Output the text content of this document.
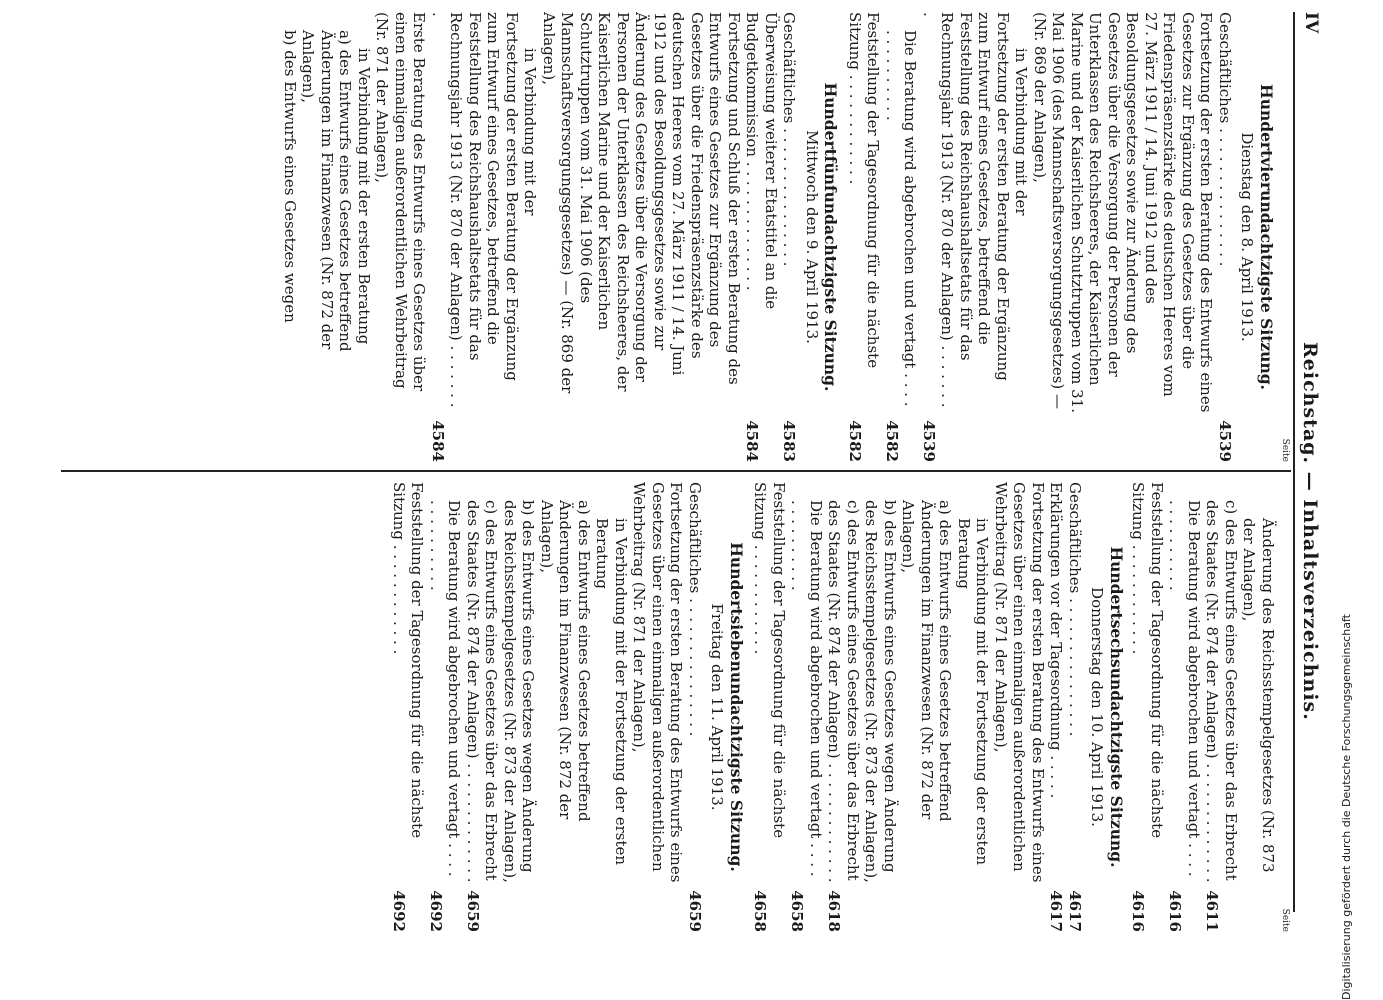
IV
Reichstag. — Inhaltsverzeichnis.
Seite
Hundertvierundachtzigste Sitzung.
Dienstag den 8. April 1913.
Geschäftliches . . . . . . . . . . . . . . .
4539
Fortsetzung der ersten Beratung des Entwurfs eines Gesetzes zur Ergänzung des Gesetzes über die Friedenspräsenzstärke des deutschen Heeres vom 27. März 1911 / 14. Juni 1912 und des Besoldungsgesetzes sowie zur Änderung des Gesetzes über die Versorgung der Personen der Unterklassen des Reichsheeres, der Kaiserlichen Marine und der Kaiserlichen Schutztruppen vom 31. Mai 1906 (des Mannschaftsversorgungsgesetzes) — (Nr. 869 der Anlagen),
in Verbindung mit der
Fortsetzung der ersten Beratung der Ergänzung zum Entwurf eines Gesetzes, betreffend die Feststellung des Reichshaushaltsetats für das Rechnungsjahr 1913 (Nr. 870 der Anlagen) . . . . . . . .
4539
Die Beratung wird abgebrochen und vertagt . . . . . . . . . . . . . .
4582
Feststellung der Tagesordnung für die nächste Sitzung . . . . . . . . . . . .
4582
Hundertfünfundachtzigste Sitzung.
Mittwoch den 9. April 1913.
Geschäftliches . . . . . . . . . . . . . . .
4583
Überweisung weiterer Etatstitel an die Budgetkommission . . . . . . . . . . . . . .
4584
Fortsetzung und Schluß der ersten Beratung des Entwurfs eines Gesetzes zur Ergänzung des Gesetzes über die Friedenspräsenzstärke des deutschen Heeres vom 27. März 1911 / 14. Juni 1912 und des Besoldungsgesetzes sowie zur Änderung des Gesetzes über die Versorgung der Personen der Unterklassen des Reichsheeres, der Kaiserlichen Marine und der Kaiserlichen Schutztruppen vom 31. Mai 1906 (des Mannschaftsversorgungsgesetzes) — (Nr. 869 der Anlagen),
in Verbindung mit der
Fortsetzung der ersten Beratung der Ergänzung zum Entwurf eines Gesetzes, betreffend die Feststellung des Reichshaushaltsetats für das Rechnungsjahr 1913 (Nr. 870 der Anlagen) . . . . . . . .
4584
Erste Beratung des Entwurfs eines Gesetzes über einen einmaligen außerordentlichen Wehrbeitrag (Nr. 871 der Anlagen),
in Verbindung mit der ersten Beratung
a) des Entwurfs eines Gesetzes betreffend Änderungen im Finanzwesen (Nr. 872 der Anlagen),
b) des Entwurfs eines Gesetzes wegen
Seite
Änderung des Reichsstempelgesetzes (Nr. 873 der Anlagen),
c) des Entwurfs eines Gesetzes über das Erbrecht des Staates (Nr. 874 der Anlagen) . . . . . . . . . . . . .
4611
Die Beratung wird abgebrochen und vertagt . . . . . . . . . . . . . .
4616
Feststellung der Tagesordnung für die nächste Sitzung . . . . . . . . . . . .
4616
Hundertsechsundachtzigste Sitzung.
Donnerstag den 10. April 1913.
Geschäftliches . . . . . . . . . . . . . . .
4617
Erklärungen vor der Tagesordnung . . . . .
4617
Fortsetzung der ersten Beratung des Entwurfs eines Gesetzes über einen einmaligen außerordentlichen Wehrbeitrag (Nr. 871 der Anlagen),
in Verbindung mit der Fortsetzung der ersten Beratung
a) des Entwurfs eines Gesetzes betreffend Änderungen im Finanzwesen (Nr. 872 der Anlagen),
b) des Entwurfs eines Gesetzes wegen Änderung des Reichsstempelgesetzes (Nr. 873 der Anlagen),
c) des Entwurfs eines Gesetzes über das Erbrecht des Staates (Nr. 874 der Anlagen) . . . . . . . . . . . . .
4618
Die Beratung wird abgebrochen und vertagt . . . . . . . . . . . . . .
4658
Feststellung der Tagesordnung für die nächste Sitzung . . . . . . . . . . . .
4658
Hundertsiebenundachtzigste Sitzung.
Freitag den 11. April 1913.
Geschäftliches . . . . . . . . . . . . . . .
4659
Fortsetzung der ersten Beratung des Entwurfs eines Gesetzes über einen einmaligen außerordentlichen Wehrbeitrag (Nr. 871 der Anlagen),
in Verbindung mit der Fortsetzung der ersten Beratung
a) des Entwurfs eines Gesetzes betreffend Änderungen im Finanzwesen (Nr. 872 der Anlagen),
b) des Entwurfs eines Gesetzes wegen Änderung des Reichsstempelgesetzes (Nr. 873 der Anlagen),
c) des Entwurfs eines Gesetzes über das Erbrecht des Staates (Nr. 874 der Anlagen) . . . . . . . . . . . . .
4659
Die Beratung wird abgebrochen und vertagt . . . . . . . . . . . . . .
4692
Feststellung der Tagesordnung für die nächste Sitzung . . . . . . . . . . . .
4692	Digitalisierung gefördert durch die Deutsche Forschungsgemeinschaft
